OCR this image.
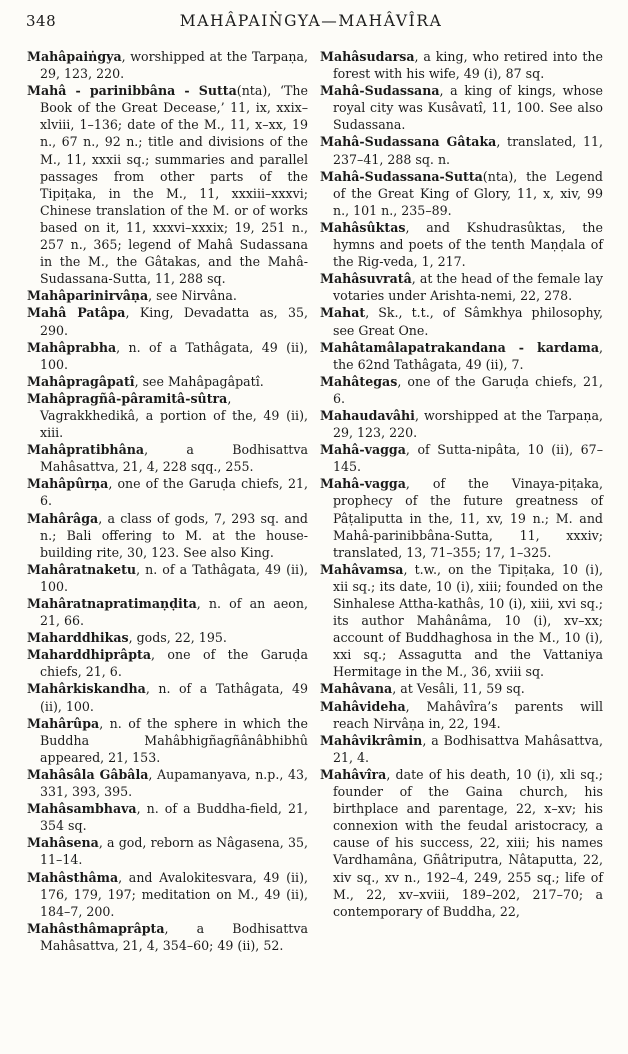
348	MAHÂPAIṄGYA—MAHÂVÎRA

Mahâpaiṅgya, worshipped at the Tarpaṇa, 29, 123, 220.

Mahâ - parinibbâna - Sutta(nta), ‘The Book of the Great Decease,’ 11, ix, xxix–xlviii, 1–136; date of the M., 11, x–xx, 19 n., 67 n., 92 n.; title and divisions of the M., 11, xxxii sq.; summaries and parallel passages from other parts of the Tipiṭaka, in the M., 11, xxxiii–xxxvi; Chinese translation of the M. or of works based on it, 11, xxxvi–xxxix; 19, 251 n., 257 n., 365; legend of Mahâ Sudassana in the M., the Gâtakas, and the Mahâ-Sudassana-Sutta, 11, 288 sq.

Mahâparinirvâṇa, see Nirvâna.

Mahâ Patâpa, King, Devadatta as, 35, 290.

Mahâprabha, n. of a Tathâgata, 49 (ii), 100.

Mahâpragâpatî, see Mahâpagâpatî.

Mahâpragñâ-pâramitâ-sûtra, Vagrakkhedikâ, a portion of the, 49 (ii), xiii.

Mahâpratibhâna, a Bodhisattva Mahâsattva, 21, 4, 228 sqq., 255.

Mahâpûrṇa, one of the Garuḍa chiefs, 21, 6.

Mahârâga, a class of gods, 7, 293 sq. and n.; Bali offering to M. at the house-building rite, 30, 123. See also King.

Mahâratnaketu, n. of a Tathâgata, 49 (ii), 100.

Mahâratnapratimaṇḍita, n. of an aeon, 21, 66.

Maharddhikas, gods, 22, 195.

Maharddhiprâpta, one of the Garuḍa chiefs, 21, 6.

Mahârkiskandha, n. of a Tathâgata, 49 (ii), 100.

Mahârûpa, n. of the sphere in which the Buddha Mahâbhigñagñânâbhibhû appeared, 21, 153.

Mahâsâla Gâbâla, Aupamanyava, n.p., 43, 331, 393, 395.

Mahâsambhava, n. of a Buddha-field, 21, 354 sq.

Mahâsena, a god, reborn as Nâgasena, 35, 11–14.

Mahâsthâma, and Avalokitesvara, 49 (ii), 176, 179, 197; meditation on M., 49 (ii), 184–7, 200.

Mahâsthâmaprâpta, a Bodhisattva Mahâsattva, 21, 4, 354–60; 49 (ii), 52.

Mahâsudarsa, a king, who retired into the forest with his wife, 49 (i), 87 sq.

Mahâ-Sudassana, a king of kings, whose royal city was Kusâvatî, 11, 100. See also Sudassana.

Mahâ-Sudassana Gâtaka, translated, 11, 237–41, 288 sq. n.

Mahâ-Sudassana-Sutta(nta), the Legend of the Great King of Glory, 11, x, xiv, 99 n., 101 n., 235–89.

Mahâsûktas, and Kshudrasûktas, the hymns and poets of the tenth Maṇḍala of the Rig-veda, 1, 217.

Mahâsuvratâ, at the head of the female lay votaries under Arishta-nemi, 22, 278.

Mahat, Sk., t.t., of Sâmkhya philosophy, see Great One.

Mahâtamâlapatrakandana - kardama, the 62nd Tathâgata, 49 (ii), 7.

Mahâtegas, one of the Garuḍa chiefs, 21, 6.

Mahaudavâhi, worshipped at the Tarpaṇa, 29, 123, 220.

Mahâ-vagga, of Sutta-nipâta, 10 (ii), 67–145.

Mahâ-vagga, of the Vinaya-piṭaka, prophecy of the future greatness of Pâṭaliputta in the, 11, xv, 19 n.; M. and Mahâ-parinibbâna-Sutta, 11, xxxiv; translated, 13, 71–355; 17, 1–325.

Mahâvamsa, t.w., on the Tipiṭaka, 10 (i), xii sq.; its date, 10 (i), xiii; founded on the Sinhalese Attha-kathâs, 10 (i), xiii, xvi sq.; its author Mahânâma, 10 (i), xv–xx; account of Buddhaghosa in the M., 10 (i), xxi sq.; Assagutta and the Vattaniya Hermitage in the M., 36, xviii sq.

Mahâvana, at Vesâli, 11, 59 sq.

Mahâvideha, Mahâvîra’s parents will reach Nirvâṇa in, 22, 194.

Mahâvikrâmin, a Bodhisattva Mahâsattva, 21, 4.

Mahâvîra, date of his death, 10 (i), xli sq.; founder of the Gaina church, his birthplace and parentage, 22, x–xv; his connexion with the feudal aristocracy, a cause of his success, 22, xiii; his names Vardhamâna, Gñâtriputra, Nâtaputta, 22, xiv sq., xv n., 192–4, 249, 255 sq.; life of M., 22, xv–xviii, 189–202, 217–70; a contemporary of Buddha, 22,
